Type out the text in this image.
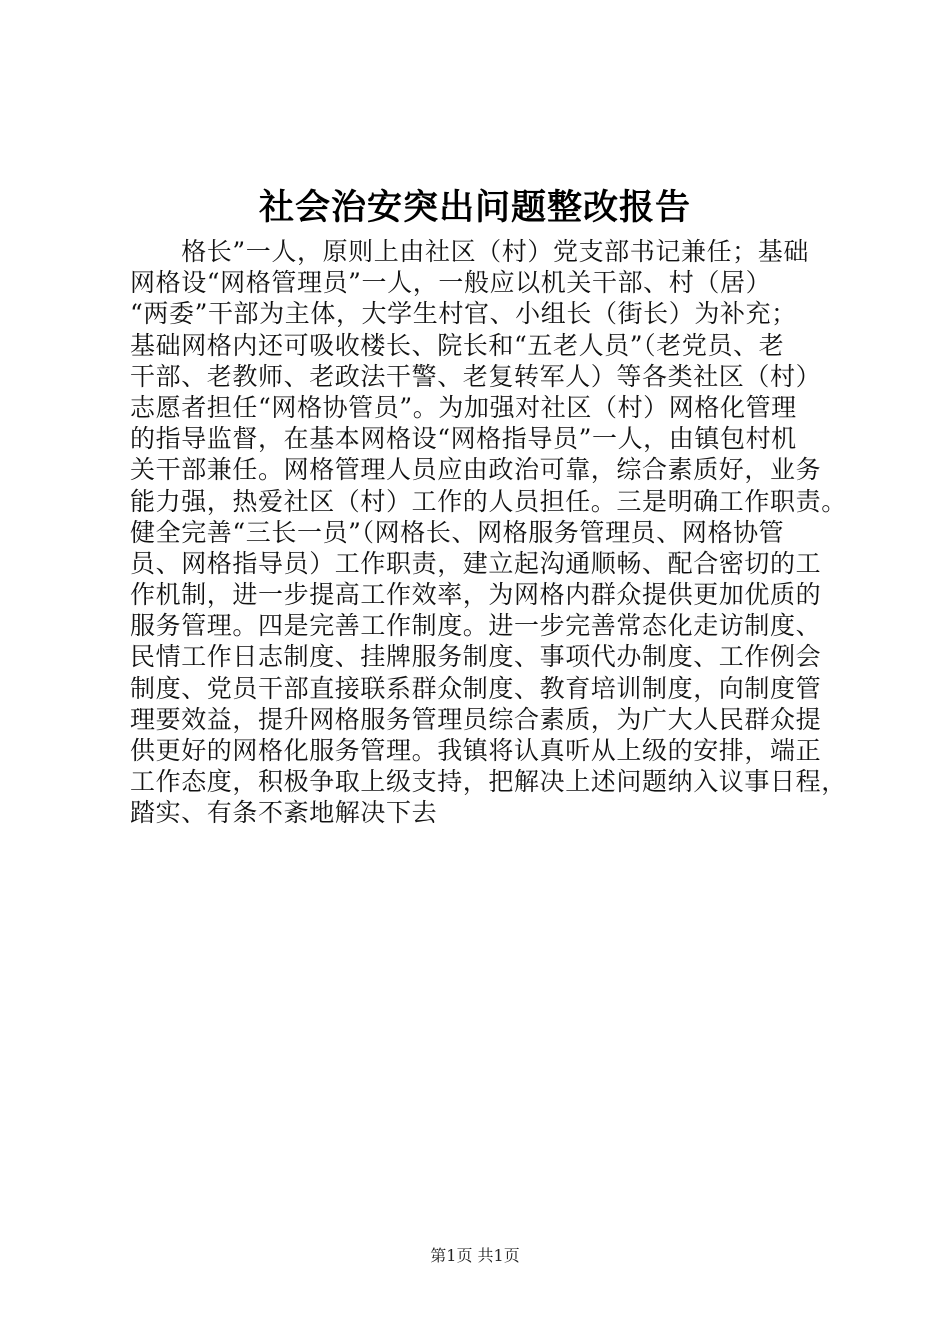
社会治安突出问题整改报告
　　格长”一人，原则上由社区（村）党支部书记兼任；基础
网格设“网格管理员”一人，一般应以机关干部、村（居）
“两委”干部为主体，大学生村官、小组长（街长）为补充；
基础网格内还可吸收楼长、院长和“五老人员”（老党员、老
干部、老教师、老政法干警、老复转军人）等各类社区（村）
志愿者担任“网格协管员”。为加强对社区（村）网格化管理
的指导监督，在基本网格设“网格指导员”一人，由镇包村机
关干部兼任。网格管理人员应由政治可靠，综合素质好，业务
能力强，热爱社区（村）工作的人员担任。三是明确工作职责。
健全完善“三长一员”（网格长、网格服务管理员、网格协管
员、网格指导员）工作职责，建立起沟通顺畅、配合密切的工
作机制，进一步提高工作效率，为网格内群众提供更加优质的
服务管理。四是完善工作制度。进一步完善常态化走访制度、
民情工作日志制度、挂牌服务制度、事项代办制度、工作例会
制度、党员干部直接联系群众制度、教育培训制度，向制度管
理要效益，提升网格服务管理员综合素质，为广大人民群众提
供更好的网格化服务管理。我镇将认真听从上级的安排，端正
工作态度，积极争取上级支持，把解决上述问题纳入议事日程，
踏实、有条不紊地解决下去
第1页 共1页
